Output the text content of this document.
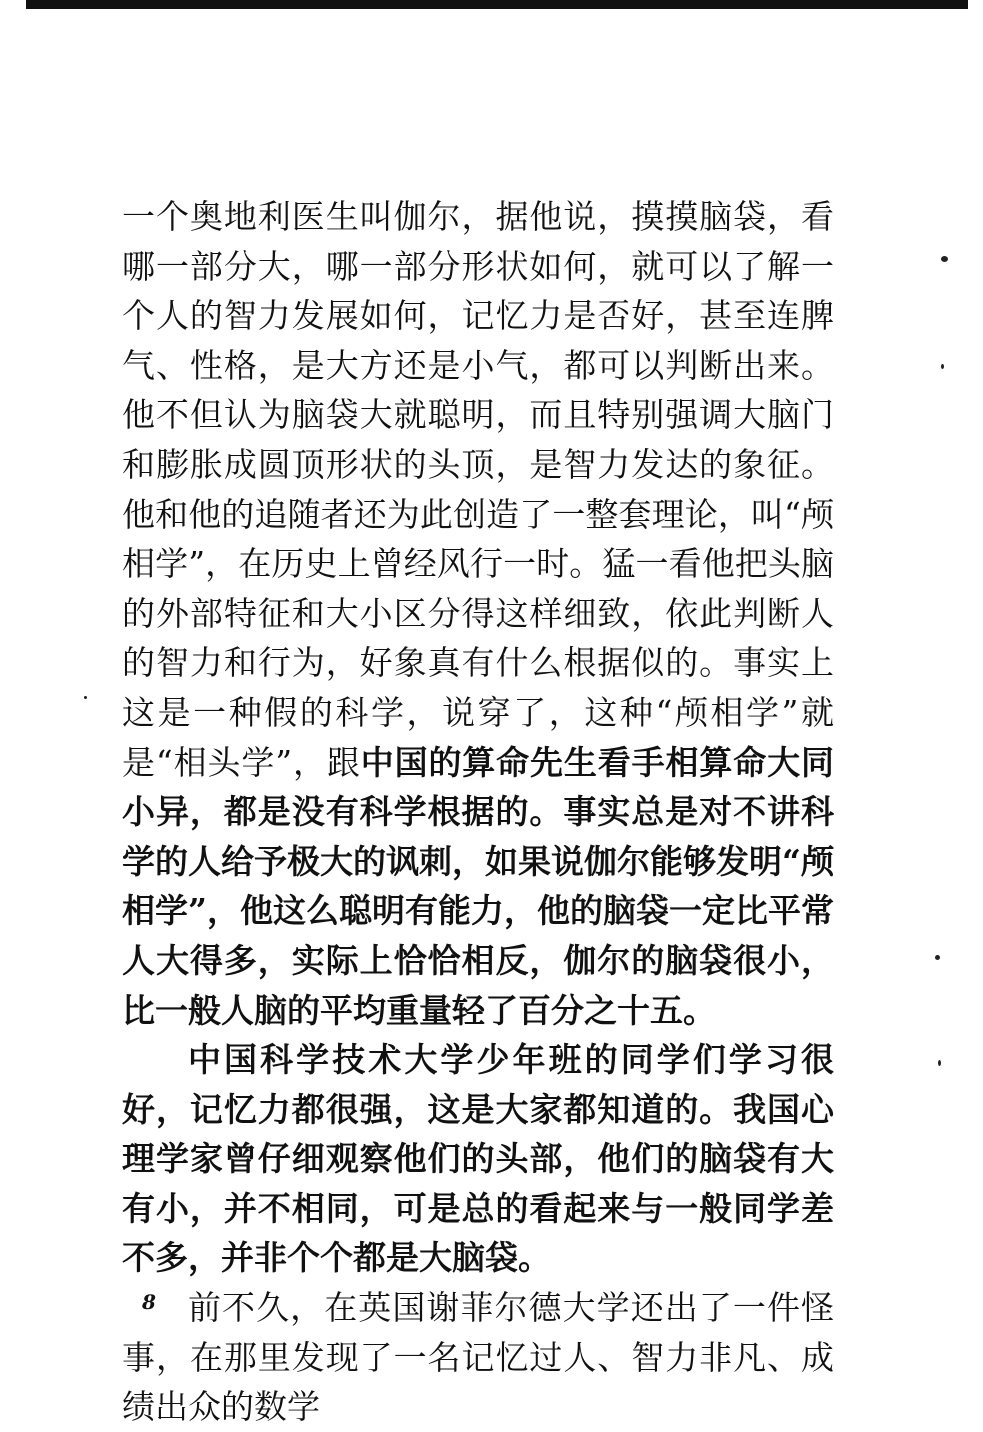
一个奥地利医生叫伽尔，据他说，摸摸脑袋，看哪一部分大，哪一部分形状如何，就可以了解一个人的智力发展如何，记忆力是否好，甚至连脾气、性格，是大方还是小气，都可以判断出来。他不但认为脑袋大就聪明，而且特别强调大脑门和膨胀成圆顶形状的头顶，是智力发达的象征。他和他的追随者还为此创造了一整套理论，叫“颅相学”，在历史上曾经风行一时。猛一看他把头脑的外部特征和大小区分得这样细致，依此判断人的智力和行为，好象真有什么根据似的。事实上这是一种假的科学，说穿了，这种“颅相学”就是“相头学”，跟中国的算命先生看手相算命大同小异，都是没有科学根据的。事实总是对不讲科学的人给予极大的讽刺，如果说伽尔能够发明“颅相学”，他这么聪明有能力，他的脑袋一定比平常人大得多，实际上恰恰相反，伽尔的脑袋很小，比一般人脑的平均重量轻了百分之十五。

中国科学技术大学少年班的同学们学习很好，记忆力都很强，这是大家都知道的。我国心理学家曾仔细观察他们的头部，他们的脑袋有大有小，并不相同，可是总的看起来与一般同学差不多，并非个个都是大脑袋。

前不久，在英国谢菲尔德大学还出了一件怪事，在那里发现了一名记忆过人、智力非凡、成绩出众的数学

8
